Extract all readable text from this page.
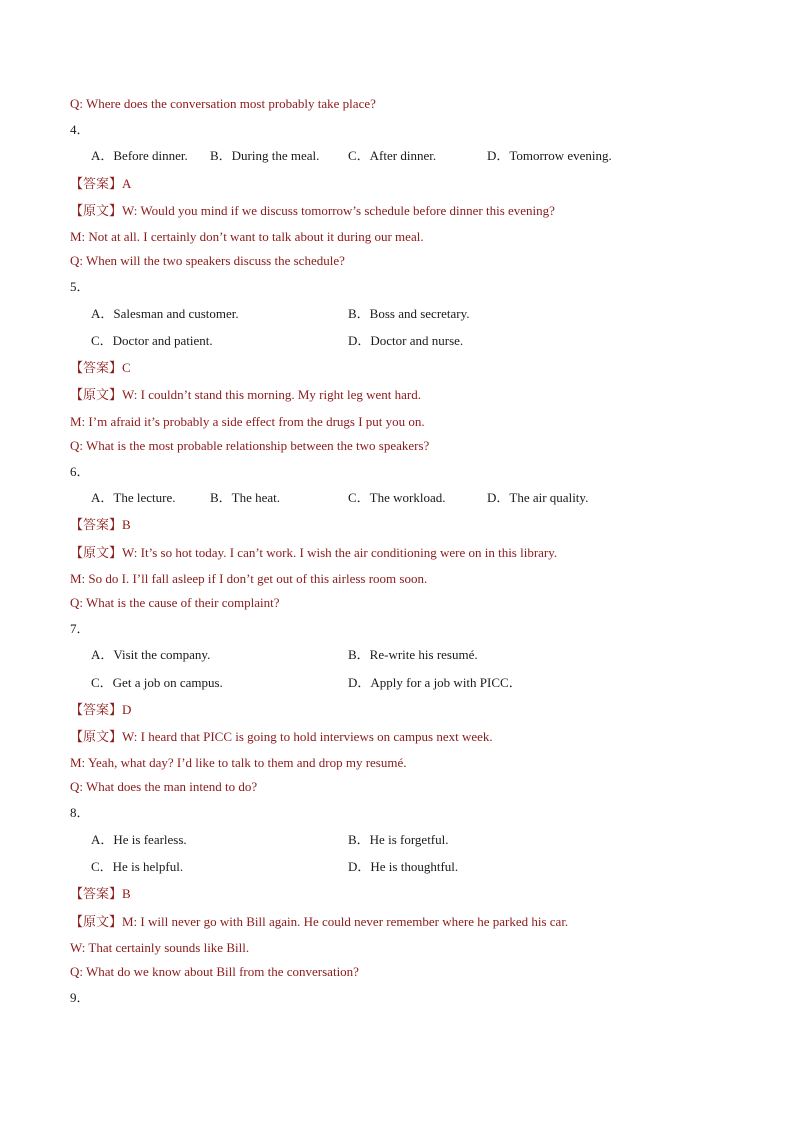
Q: Where does the conversation most probably take place?
4．
A．Before dinner. B．During the meal. C．After dinner.	D．Tomorrow evening.
【答案】A
【原文】W: Would you mind if we discuss tomorrow’s schedule before dinner this evening?
M: Not at all. I certainly don’t want to talk about it during our meal.
Q: When will the two speakers discuss the schedule?
5．
A．Salesman and customer.	B．Boss and secretary.
C．Doctor and patient.	D．Doctor and nurse.
【答案】C
【原文】W: I couldn’t stand this morning. My right leg went hard.
M: I’m afraid it’s probably a side effect from the drugs I put you on.
Q: What is the most probable relationship between the two speakers?
6．
A．The lecture.	B．The heat.	C．The workload.	D．The air quality.
【答案】B
【原文】W: It’s so hot today. I can’t work. I wish the air conditioning were on in this library.
M: So do I. I’ll fall asleep if I don’t get out of this airless room soon.
Q: What is the cause of their complaint?
7．
A．Visit the company.	B．Re-write his resumé.
C．Get a job on campus.	D．Apply for a job with PICC．
【答案】D
【原文】W: I heard that PICC is going to hold interviews on campus next week.
M: Yeah, what day? I’d like to talk to them and drop my resumé.
Q: What does the man intend to do?
8．
A．He is fearless.	B．He is forgetful.
C．He is helpful.	D．He is thoughtful.
【答案】B
【原文】M: I will never go with Bill again. He could never remember where he parked his car.
W: That certainly sounds like Bill.
Q: What do we know about Bill from the conversation?
9．
